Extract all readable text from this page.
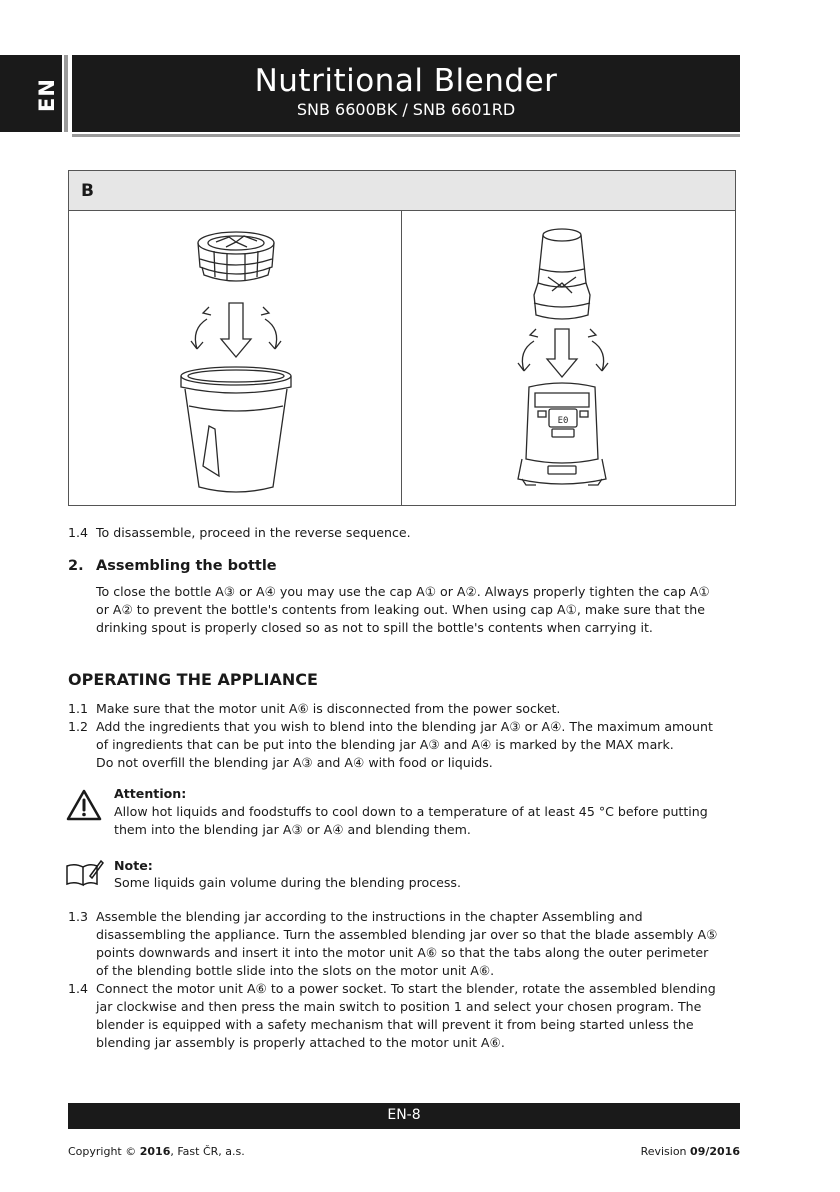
EN	Nutritional Blender
SNB 6600BK / SNB 6601RD
B
E0
1.4 To disassemble, proceed in the reverse sequence.
2. Assembling the bottle
To close the bottle A③ or A④ you may use the cap A① or A②. Always properly tighten the cap A①
or A② to prevent the bottle's contents from leaking out. When using cap A①, make sure that the
drinking spout is properly closed so as not to spill the bottle's contents when carrying it.
OPERATING THE APPLIANCE
1.1 Make sure that the motor unit A⑥ is disconnected from the power socket.
1.2 Add the ingredients that you wish to blend into the blending jar A③ or A④. The maximum amount
of ingredients that can be put into the blending jar A③ and A④ is marked by the MAX mark.
Do not overfill the blending jar A③ and A④ with food or liquids.
Attention:
Allow hot liquids and foodstuffs to cool down to a temperature of at least 45 °C before putting
them into the blending jar A③ or A④ and blending them.
Note:
Some liquids gain volume during the blending process.
1.3 Assemble the blending jar according to the instructions in the chapter Assembling and
disassembling the appliance. Turn the assembled blending jar over so that the blade assembly A⑤
points downwards and insert it into the motor unit A⑥ so that the tabs along the outer perimeter
of the blending bottle slide into the slots on the motor unit A⑥.
1.4 Connect the motor unit A⑥ to a power socket. To start the blender, rotate the assembled blending
jar clockwise and then press the main switch to position 1 and select your chosen program. The
blender is equipped with a safety mechanism that will prevent it from being started unless the
blending jar assembly is properly attached to the motor unit A⑥.
EN-8
Copyright © 2016, Fast ČR, a.s.	Revision 09/2016
